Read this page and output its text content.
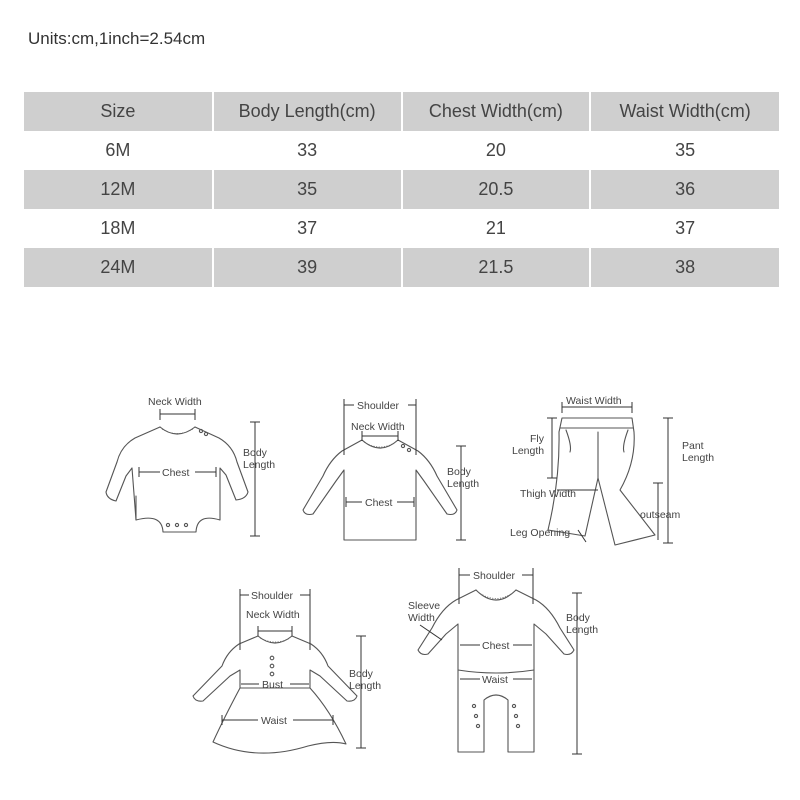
Units:cm,1inch=2.54cm
Size	Body Length(cm)	Chest Width(cm)	Waist Width(cm)
6M	33	20	35
12M	35	20.5	36
18M	37	21	37
24M	39	21.5	38
Neck Width
Body
Length
Chest
Shoulder
Neck Width
Body
Length
Chest
Waist Width
Fly
Length	Pant
Length
Thigh Width
outseam
Leg Opening
Shoulder
Neck Width
Body
Length
Bust
Waist
Shoulder
Sleeve
Width	Body
Length
Chest
Waist
